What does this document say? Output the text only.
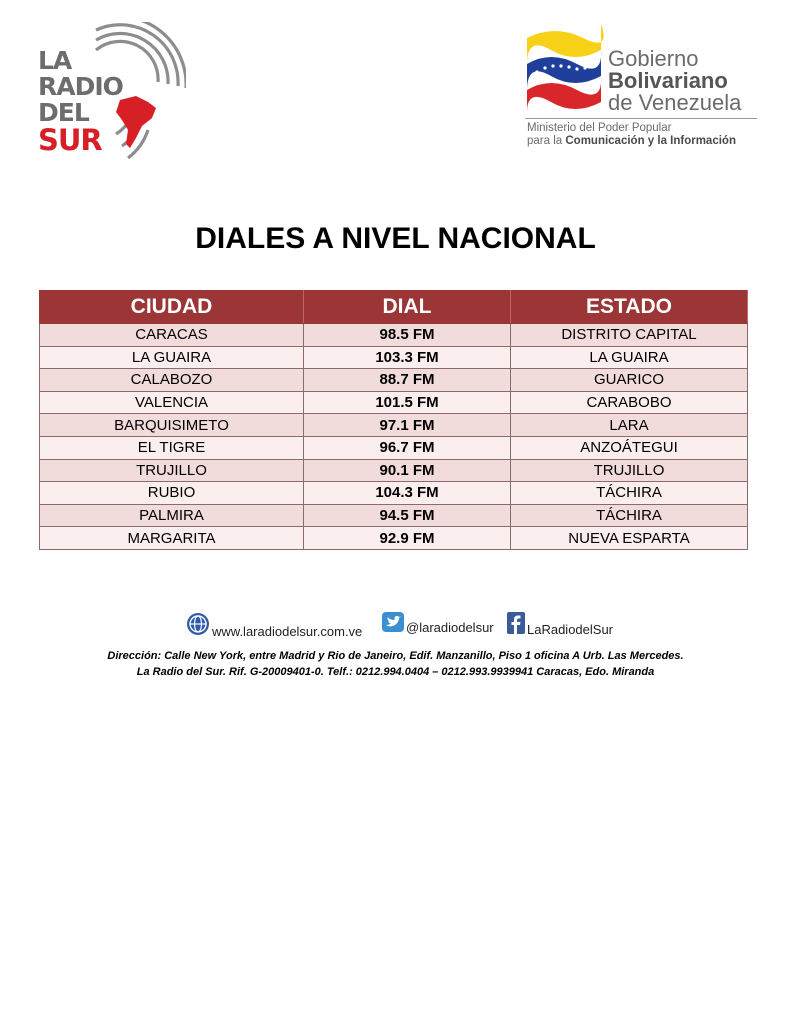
LA
RADIO
DEL
SUR
Gobierno
Bolivariano
de Venezuela
Ministerio del Poder Popular
para la Comunicación y la Información
DIALES A NIVEL NACIONAL
CIUDAD	DIAL	ESTADO
CARACAS	98.5 FM	DISTRITO CAPITAL
LA GUAIRA	103.3 FM	LA GUAIRA
CALABOZO	88.7 FM	GUARICO
VALENCIA	101.5 FM	CARABOBO
BARQUISIMETO	97.1 FM	LARA
EL TIGRE	96.7 FM	ANZOÁTEGUI
TRUJILLO	90.1 FM	TRUJILLO
RUBIO	104.3 FM	TÁCHIRA
PALMIRA	94.5 FM	TÁCHIRA
MARGARITA	92.9 FM	NUEVA ESPARTA
www.laradiodelsur.com.ve	@laradiodelsur	LaRadiodelSur
Dirección: Calle New York, entre Madrid y Rio de Janeiro, Edif. Manzanillo, Piso 1 oficina A Urb. Las Mercedes.
La Radio del Sur. Rif. G-20009401-0. Telf.: 0212.994.0404 – 0212.993.9939941 Caracas, Edo. Miranda
